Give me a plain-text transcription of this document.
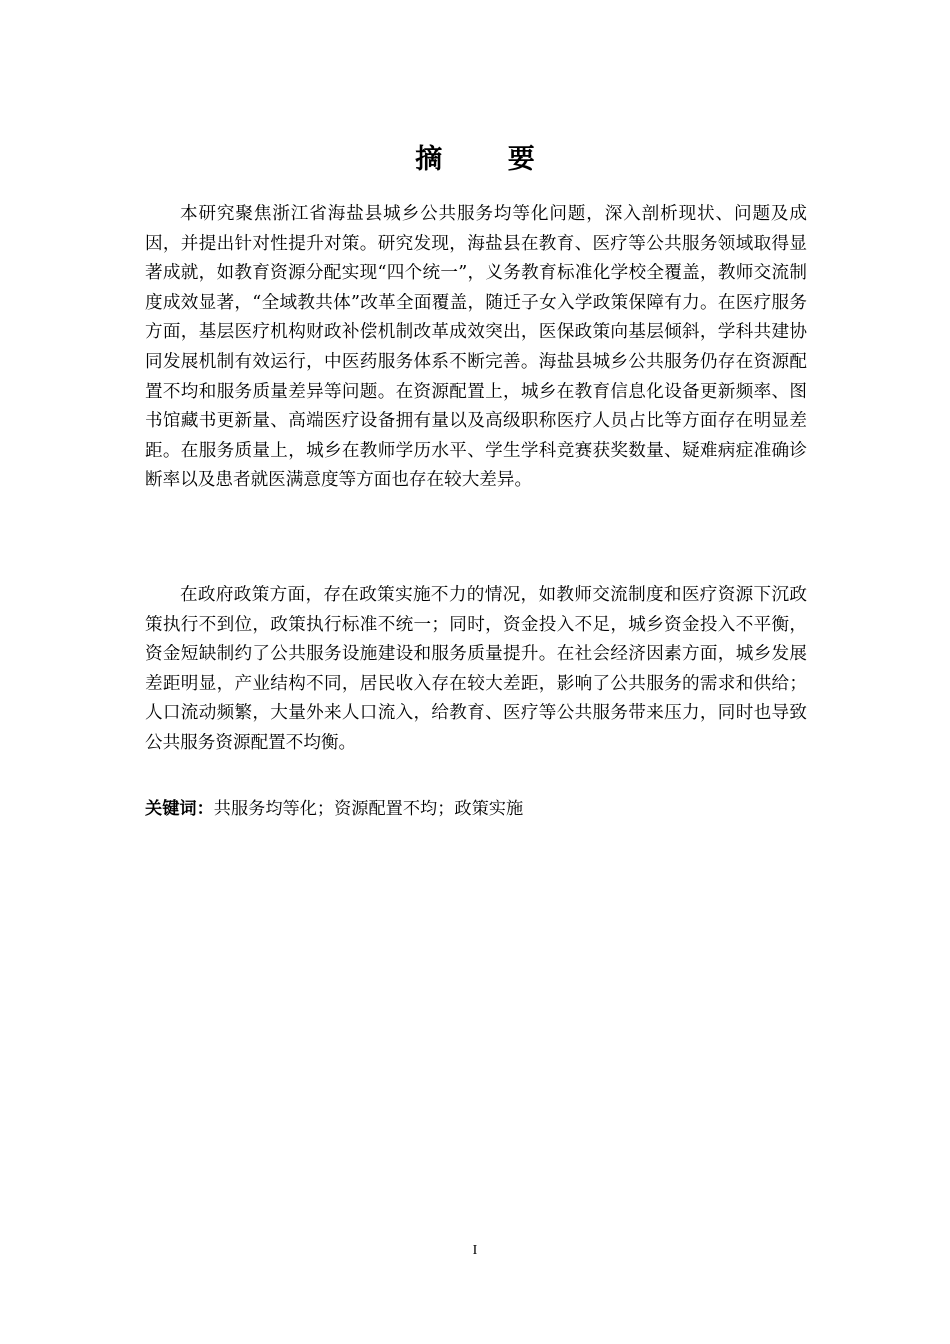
摘 要

本研究聚焦浙江省海盐县城乡公共服务均等化问题，深入剖析现状、问题及成因，并提出针对性提升对策。研究发现，海盐县在教育、医疗等公共服务领域取得显著成就，如教育资源分配实现“四个统一”，义务教育标准化学校全覆盖，教师交流制度成效显著，“全域教共体”改革全面覆盖，随迁子女入学政策保障有力。在医疗服务方面，基层医疗机构财政补偿机制改革成效突出，医保政策向基层倾斜，学科共建协同发展机制有效运行，中医药服务体系不断完善。海盐县城乡公共服务仍存在资源配置不均和服务质量差异等问题。在资源配置上，城乡在教育信息化设备更新频率、图书馆藏书更新量、高端医疗设备拥有量以及高级职称医疗人员占比等方面存在明显差距。在服务质量上，城乡在教师学历水平、学生学科竞赛获奖数量、疑难病症准确诊断率以及患者就医满意度等方面也存在较大差异。

在政府政策方面，存在政策实施不力的情况，如教师交流制度和医疗资源下沉政策执行不到位，政策执行标准不统一；同时，资金投入不足，城乡资金投入不平衡，资金短缺制约了公共服务设施建设和服务质量提升。在社会经济因素方面，城乡发展差距明显，产业结构不同，居民收入存在较大差距，影响了公共服务的需求和供给；人口流动频繁，大量外来人口流入，给教育、医疗等公共服务带来压力，同时也导致公共服务资源配置不均衡。

关键词：共服务均等化；资源配置不均；政策实施

I
